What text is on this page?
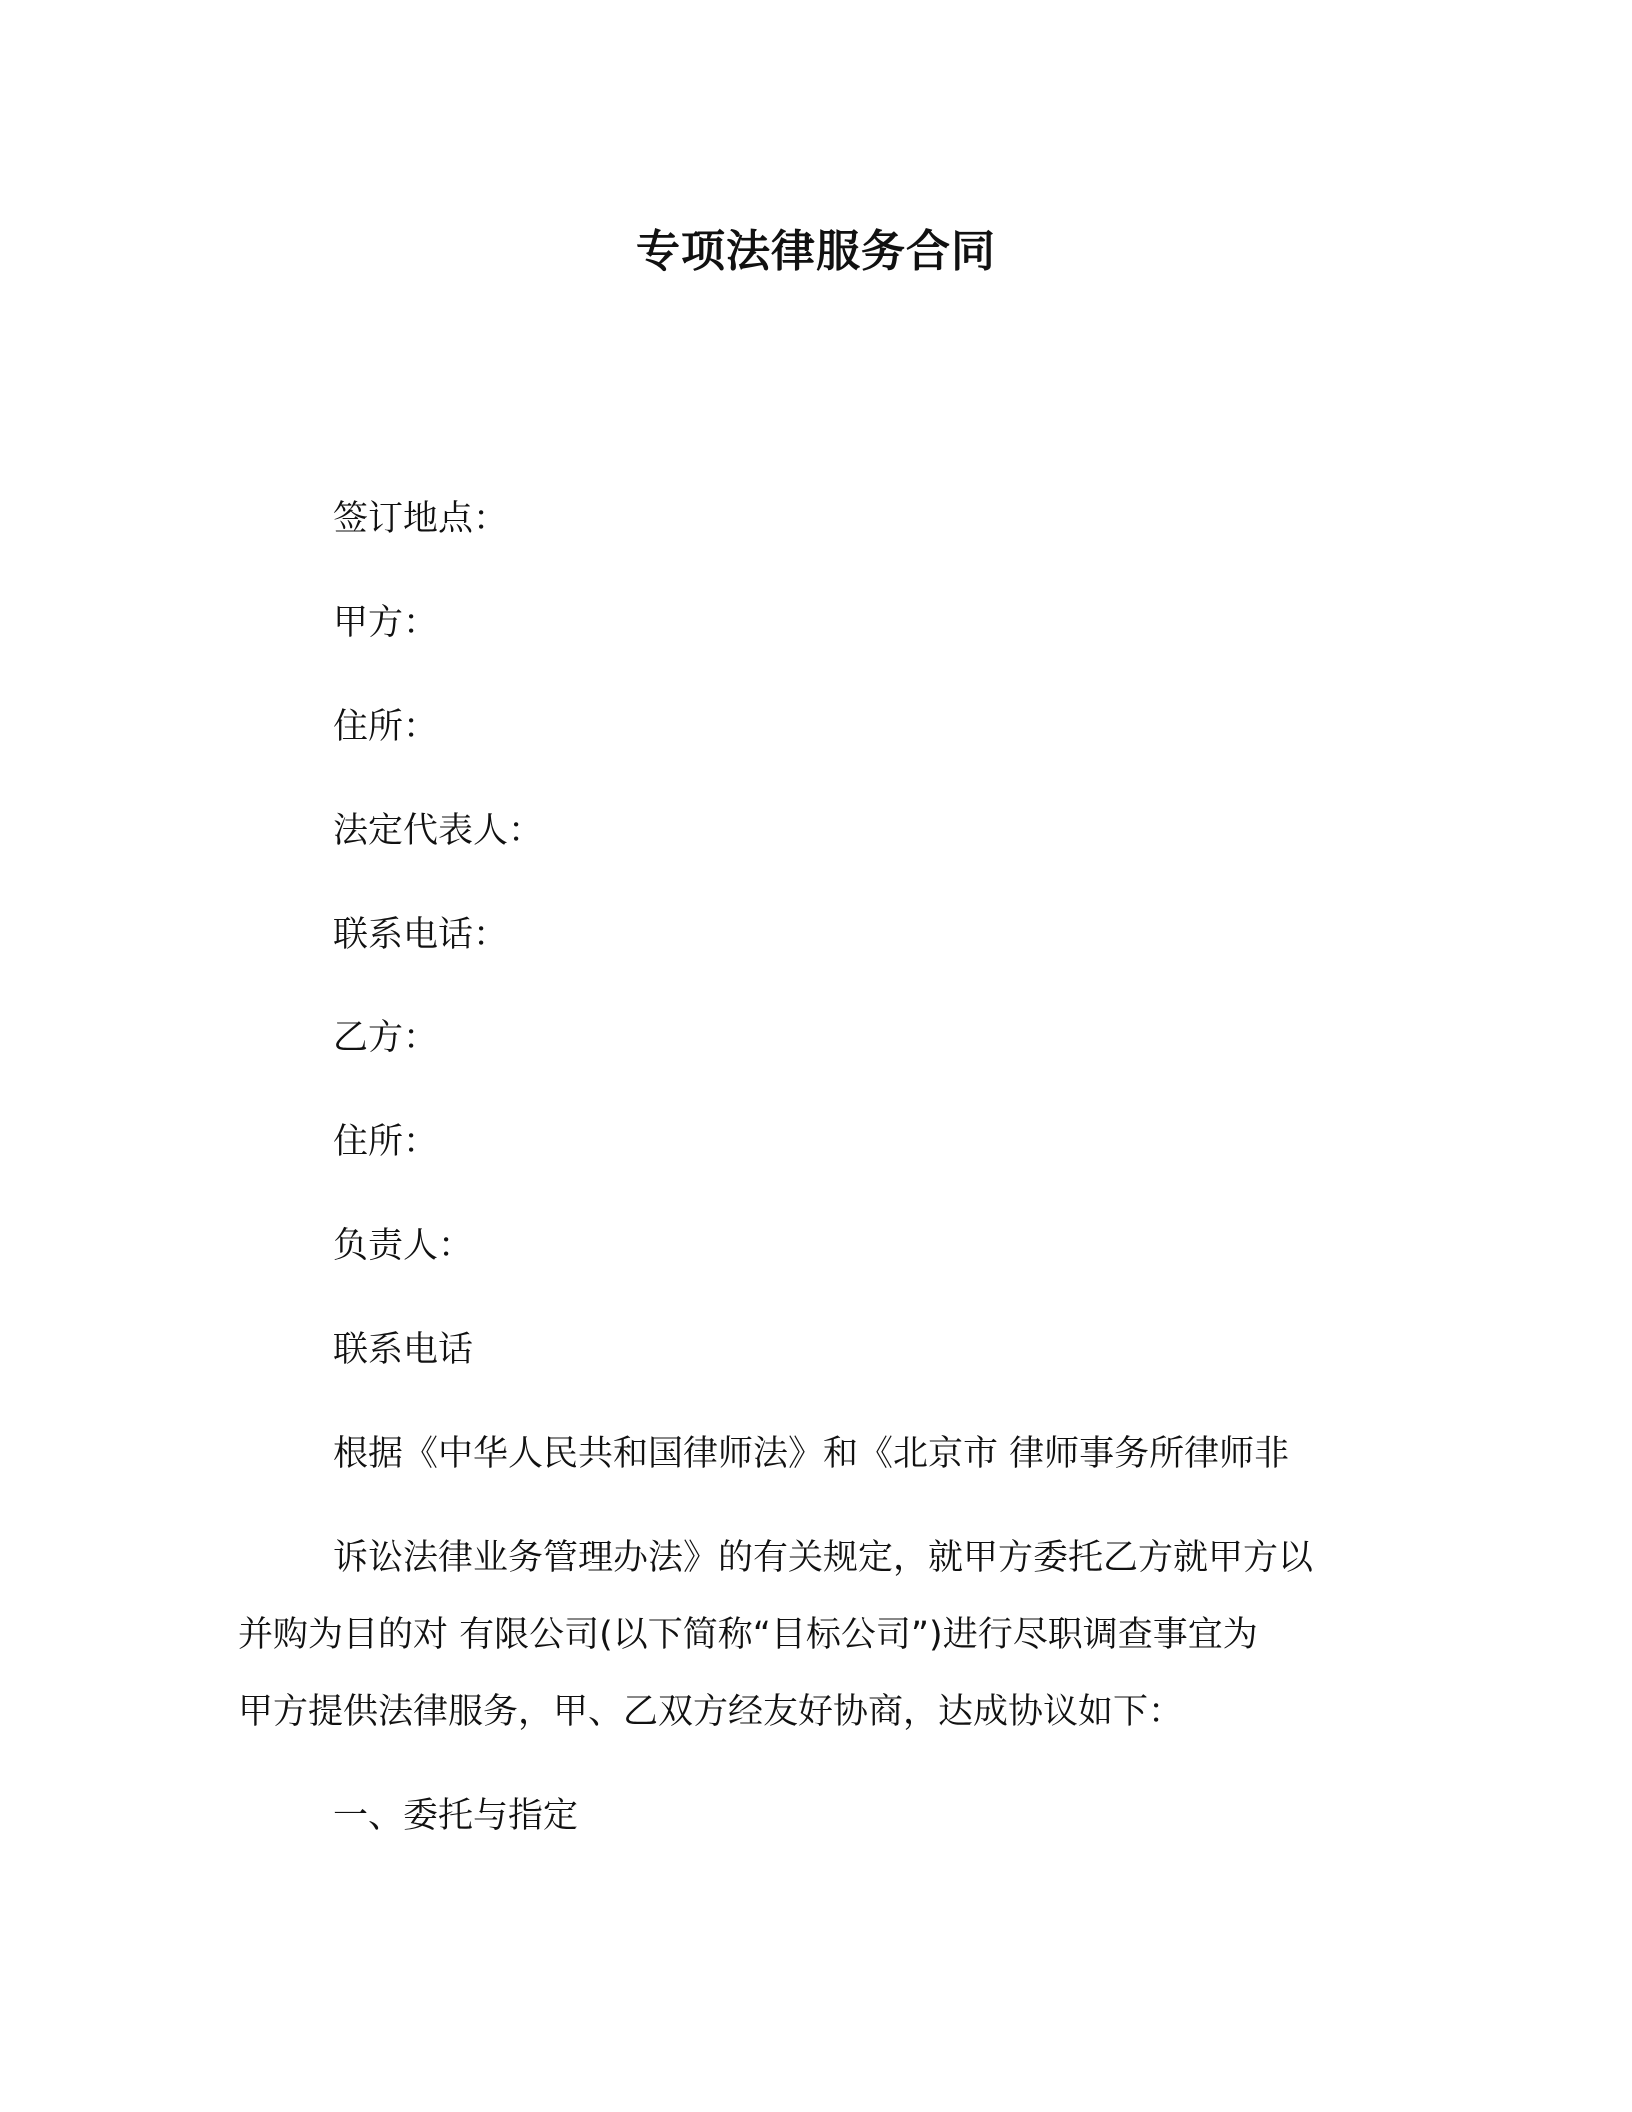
专项法律服务合同
签订地点：
甲方：
住所：
法定代表人：
联系电话：
乙方：
住所：
负责人：
联系电话
根据《中华人民共和国律师法》和《北京市 律师事务所律师非
诉讼法律业务管理办法》的有关规定，就甲方委托乙方就甲方以
并购为目的对 有限公司(以下简称“目标公司”)进行尽职调查事宜为
甲方提供法律服务，甲、乙双方经友好协商，达成协议如下：
一、委托与指定
